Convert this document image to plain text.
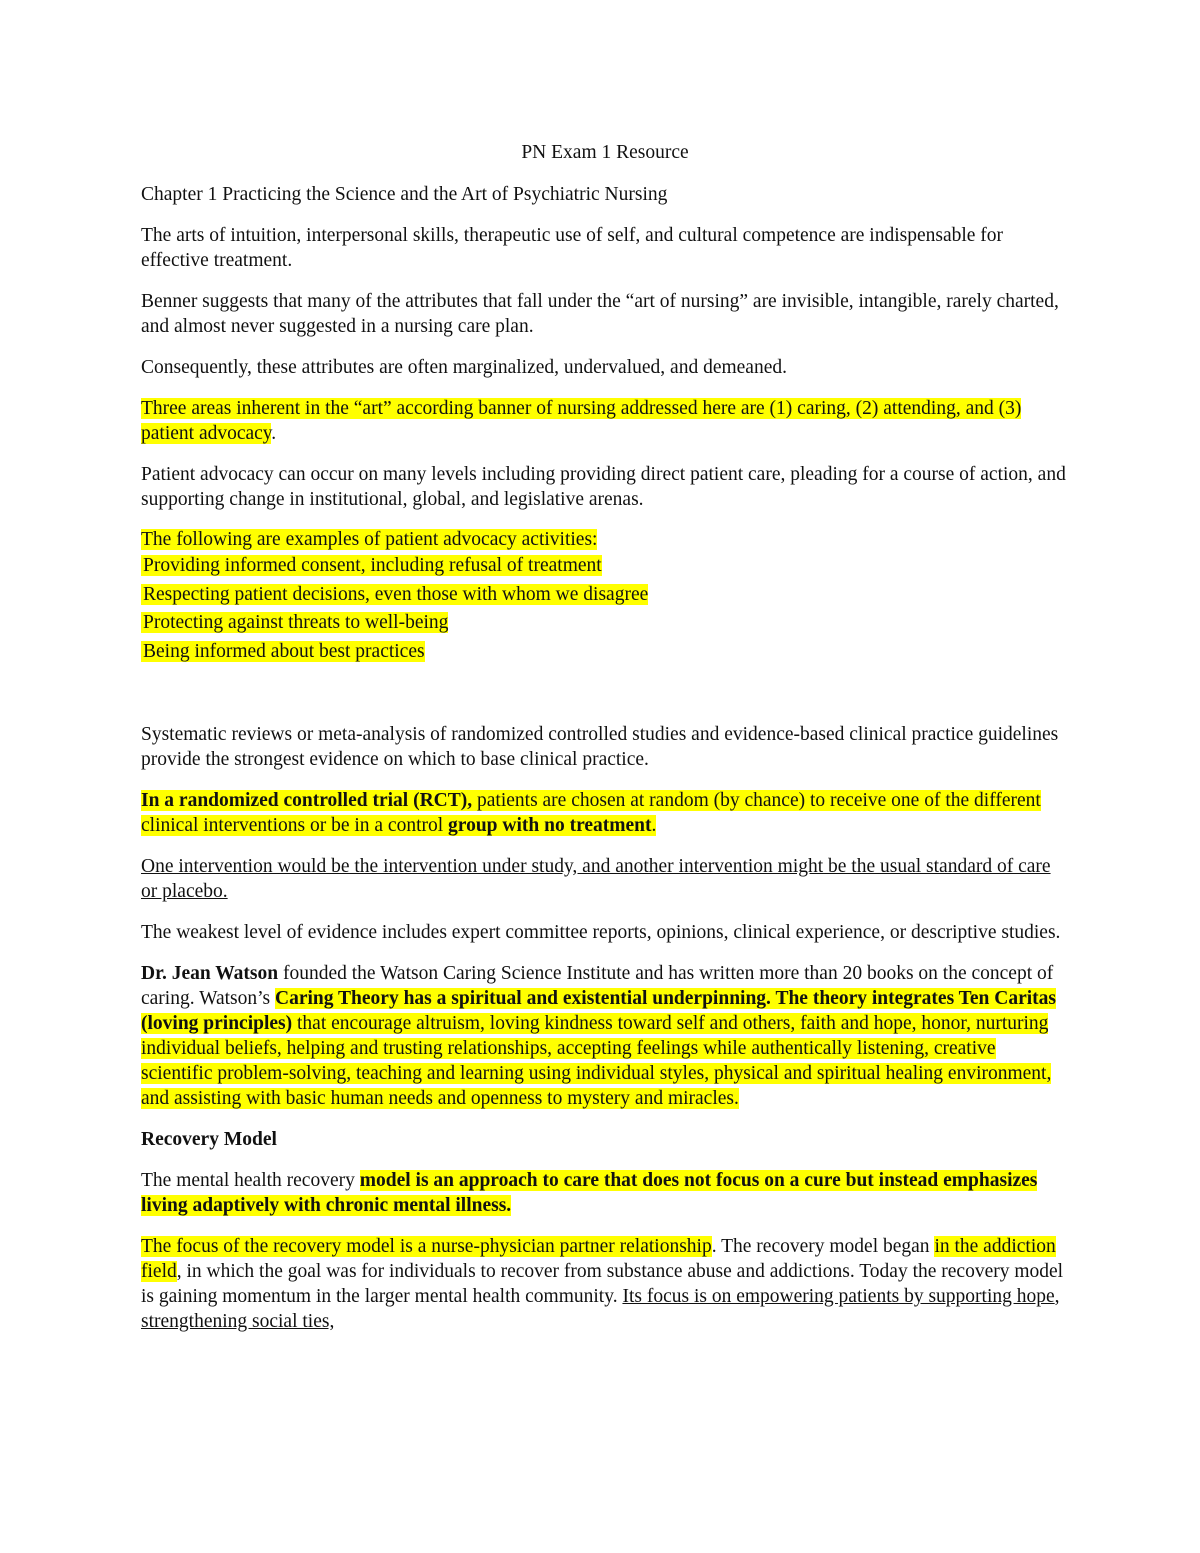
PN Exam 1 Resource

Chapter 1 Practicing the Science and the Art of Psychiatric Nursing

The arts of intuition, interpersonal skills, therapeutic use of self, and cultural competence are indispensable for effective treatment.

Benner suggests that many of the attributes that fall under the “art of nursing” are invisible, intangible, rarely charted, and almost never suggested in a nursing care plan.

Consequently, these attributes are often marginalized, undervalued, and demeaned.

Three areas inherent in the “art” according banner of nursing addressed here are (1) caring, (2) attending, and (3) patient advocacy.

Patient advocacy can occur on many levels including providing direct patient care, pleading for a course of action, and supporting change in institutional, global, and legislative arenas.

The following are examples of patient advocacy activities:
Providing informed consent, including refusal of treatment
Respecting patient decisions, even those with whom we disagree
Protecting against threats to well-being
Being informed about best practices

Systematic reviews or meta-analysis of randomized controlled studies and evidence-based clinical practice guidelines provide the strongest evidence on which to base clinical practice.

In a randomized controlled trial (RCT), patients are chosen at random (by chance) to receive one of the different clinical interventions or be in a control group with no treatment.

One intervention would be the intervention under study, and another intervention might be the usual standard of care or placebo.

The weakest level of evidence includes expert committee reports, opinions, clinical experience, or descriptive studies.

Dr. Jean Watson founded the Watson Caring Science Institute and has written more than 20 books on the concept of caring. Watson’s Caring Theory has a spiritual and existential underpinning. The theory integrates Ten Caritas (loving principles) that encourage altruism, loving kindness toward self and others, faith and hope, honor, nurturing individual beliefs, helping and trusting relationships, accepting feelings while authentically listening, creative scientific problem-solving, teaching and learning using individual styles, physical and spiritual healing environment, and assisting with basic human needs and openness to mystery and miracles.

Recovery Model

The mental health recovery model is an approach to care that does not focus on a cure but instead emphasizes living adaptively with chronic mental illness.

The focus of the recovery model is a nurse-physician partner relationship. The recovery model began in the addiction field, in which the goal was for individuals to recover from substance abuse and addictions. Today the recovery model is gaining momentum in the larger mental health community. Its focus is on empowering patients by supporting hope, strengthening social ties,
